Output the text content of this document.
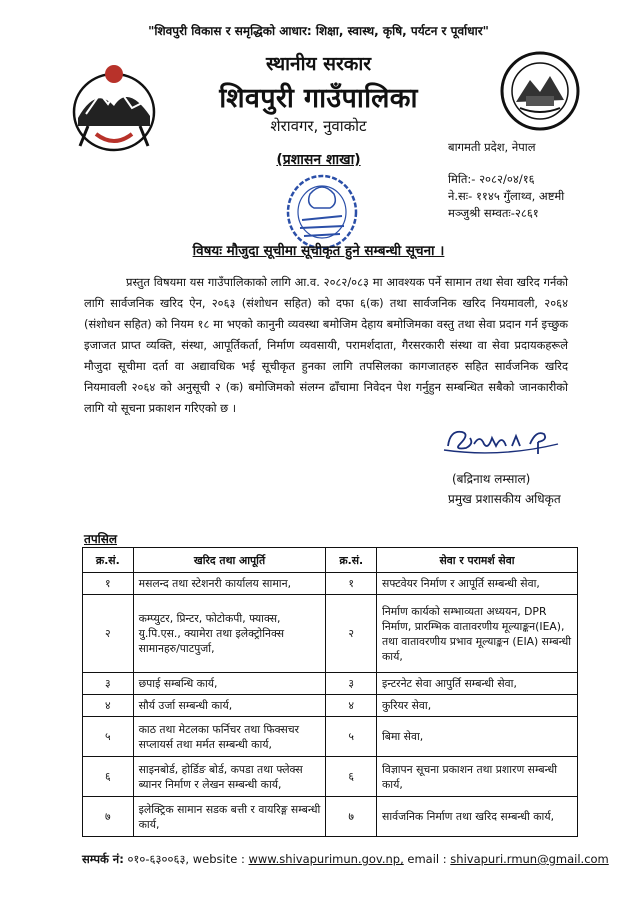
"शिवपुरी विकास र समृद्धिको आधार: शिक्षा, स्वास्थ, कृषि, पर्यटन र पूर्वाधार"
स्थानीय सरकार
शिवपुरी गाउँपालिका
शेरावगर, नुवाकोट
बागमती प्रदेश, नेपाल
(प्रशासन शाखा)
मिति:- २०८२/०४/१६
ने.सः- ११४५ गुँलाथ्व, अष्टमी
मञ्जुश्री सम्वतः-२८६१
विषयः मौजुदा सूचीमा सूचीकृत हुने सम्बन्धी सूचना ।

प्रस्तुत विषयमा यस गाउँपालिकाको लागि आ.व. २०८२/०८३ मा आवश्यक पर्ने सामान तथा सेवा खरिद गर्नको लागि सार्वजनिक खरिद ऐन, २०६३ (संशोधन सहित) को दफा ६(क) तथा सार्वजनिक खरिद नियमावली, २०६४ (संशोधन सहित) को नियम १८ मा भएको कानुनी व्यवस्था बमोजिम देहाय बमोजिमका वस्तु तथा सेवा प्रदान गर्न इच्छुक इजाजत प्राप्त व्यक्ति, संस्था, आपूर्तिकर्ता, निर्माण व्यवसायी, परामर्शदाता, गैरसरकारी संस्था वा सेवा प्रदायकहरूले मौजुदा सूचीमा दर्ता वा अद्यावधिक भई सूचीकृत हुनका लागि तपसिलका कागजातहरु सहित सार्वजनिक खरिद नियमावली २०६४ को अनुसूची २ (क) बमोजिमको संलग्न ढाँचामा निवेदन पेश गर्नुहुन सम्बन्धित सबैको जानकारीको लागि यो सूचना प्रकाशन गरिएको छ ।

(बद्रिनाथ लम्साल)
प्रमुख प्रशासकीय अधिकृत
तपसिल
क्र.सं.	खरिद तथा आपूर्ति	क्र.सं.	सेवा र परामर्श सेवा
१	मसलन्द तथा स्टेशनरी कार्यालय सामान,	१	सफ्टवेयर निर्माण र आपूर्ति सम्बन्धी सेवा,
२	कम्प्युटर, प्रिन्टर, फोटोकपी, फ्याक्स, यु.पि.एस., क्यामेरा तथा इलेक्ट्रोनिक्स सामानहरु/पाटपुर्जा,	२	निर्माण कार्यको सम्भाव्यता अध्ययन, DPR निर्माण, प्रारम्भिक वातावरणीय मूल्याङ्कन(IEA), तथा वातावरणीय प्रभाव मूल्याङ्कन (EIA) सम्बन्धी कार्य,
३	छपाई सम्बन्धि कार्य,	३	इन्टरनेट सेवा आपुर्ति सम्बन्धी सेवा,
४	सौर्य उर्जा सम्बन्धी कार्य,	४	कुरियर सेवा,
५	काठ तथा मेटलका फर्निचर तथा फिक्सचर सप्लायर्स तथा मर्मत सम्बन्धी कार्य,	५	बिमा सेवा,
६	साइनबोर्ड, होर्डिङ बोर्ड, कपडा तथा फ्लेक्स ब्यानर निर्माण र लेखन सम्बन्धी कार्य,	६	विज्ञापन सूचना प्रकाशन तथा प्रशारण सम्बन्धी कार्य,
७	इलेक्ट्रिक सामान सडक बत्ती र वायरिङ्ग सम्बन्धी कार्य,	७	सार्वजनिक निर्माण तथा खरिद सम्बन्धी कार्य,
सम्पर्क नं: ०१०-६३००६३, website : www.shivapurimun.gov.np, email : shivapuri.rmun@gmail.com
